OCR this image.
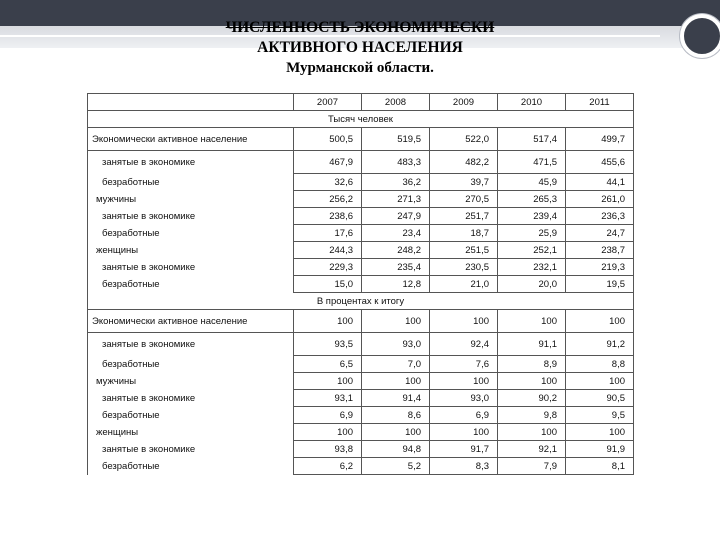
ЧИСЛЕННОСТЬ ЭКОНОМИЧЕСКИ
АКТИВНОГО НАСЕЛЕНИЯ
Мурманской области.
	2007	2008	2009	2010	2011
Тысяч человек					
Экономически активное население	500,5	519,5	522,0	517,4	499,7
занятые в экономике	467,9	483,3	482,2	471,5	455,6
безработные	32,6	36,2	39,7	45,9	44,1
мужчины	256,2	271,3	270,5	265,3	261,0
занятые в экономике	238,6	247,9	251,7	239,4	236,3
безработные	17,6	23,4	18,7	25,9	24,7
женщины	244,3	248,2	251,5	252,1	238,7
занятые в экономике	229,3	235,4	230,5	232,1	219,3
безработные	15,0	12,8	21,0	20,0	19,5
В процентах к итогу					
Экономически активное население	100	100	100	100	100
занятые в экономике	93,5	93,0	92,4	91,1	91,2
безработные	6,5	7,0	7,6	8,9	8,8
мужчины	100	100	100	100	100
занятые в экономике	93,1	91,4	93,0	90,2	90,5
безработные	6,9	8,6	6,9	9,8	9,5
женщины	100	100	100	100	100
занятые в экономике	93,8	94,8	91,7	92,1	91,9
безработные	6,2	5,2	8,3	7,9	8,1
